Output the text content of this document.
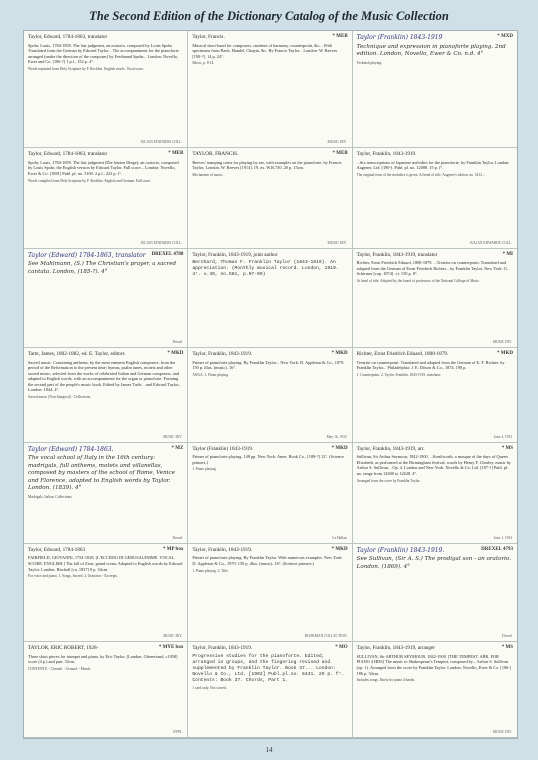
The Second Edition of the Dictionary Catalog of the Music Collection
Taylor, Edward, 1784-1863, translator
Spohr, Louis, 1784-1859. The last judgment, an oratorio, composed by Louis Spohr. Translated from the German by Edward Taylor... The accompaniment for the pianoforte arranged (under the direction of the composer) by Ferdinand Spohr... London: Novello, Ewer and Co. [186-?] 1 p.l., 152 p. 4°.
Words reprinted from Holy Scripture by F. Rochlitz. English words. Vocal score.
JULIAN EDWARDS COLL.
* MEB
Taylor, Francis.
Musical short-hand for composers, students of harmony, counterpoint, &c... With specimens from Bach, Handel, Chopin, &c. By Francis Taylor... London: W. Reeves [190-?]. 14 p. 24°.
Music, p. 8-14.
MUSIC DIV.
* MXD
Taylor (Franklin) 1843-1919
Technique and expression in pianoforte playing. 2nd edition. London, Novello, Ewer & Co. n.d. 4°
Tecknish playing
* MEB
Taylor, Edward, 1784-1863, translator
Spohr, Louis, 1784-1859. The last judgment (Die letzten Dinge); an oratorio, composed by Louis Spohr, the English version by Edward Taylor. Full score... London: Novello, Ewer & Co. [1881] Publ. pl. no. 5100. 2 p.l., 223 p. f°.
Words compiled from Holy Scripture by F. Rochlitz. English and German. Full score.
JULIAN EDWARDS COLL.
* MEB
TAYLOR, FRANCIS.
Reeves' tramping coins for playing by ear, with examples on the pianoforte, by Francis Taylor, London, W. Reeves [1914]. 19, ex. W.R.730. 20 p. 15cm.
Mechanism of music.
MUSIC DIV.
Taylor, Franklin, 1843-1919.
...Six transcriptions of Japanese melodies for the pianoforte, by Franklin Taylor. London: Augener, Ltd. [190-]. Publ. pl. no. 12088. 15 p. f°.
The original form of the melodies is given. At head of title: Augener's edition, no. 5412...
JULIAN EDWARDS COLL.
DREXEL 4788
Taylor (Edward) 1784-1863, translator
See Mahlmann, (S.) The Christian's prayer, a sacred cantata. London, (185-?). 4°
Drexel
Taylor, Franklin, 1843-1919, joint author
Bernhard, Thomas F. Franklin Taylor (1843-1919). An appreciation. (Monthly musical record. London, 1919. 4°. v.49, no.581, p.97-99)
* MI
Taylor, Franklin, 1843-1919, translator
Richter, Ernst Friedrich Eduard, 1808-1879. ...Treatise on counterpoint. Translated and adapted from the German of Ernst Friedrich Richter... by Franklin Taylor. New York: G. Schirmer [cop. 1874]. vi, 150 p. 8°.
At head of title: Adopted by the board of professors of the National College of Music.
MUSIC DIV.
* MKD
Tarte, James, 1802-1882, ed. E. Taylor, editors
Sacred music. Containing anthems, by the most eminent English composers, from the period of the Reformation to the present time; hymns, psalm tunes, motets and other sacred music, selected from the works of celebrated Italian and German composers, and adapted to English words, with an accompaniment for the organ or pianoforte. Forming the second part of the people's music book. Edited by James Turle... and Edward Taylor... London: 1844. 4°.
Sacred music (Non-liturgical) - Collections.
MUSIC DIV.
* MKD
Taylor, Franklin, 1843-1919.
Primer of pianoforte playing. By Franklin Taylor... New York: D. Appleton & Co., 1879. 150 p. illus. (music). 16°.
ANGA. 1. Piano playing.
May 16, 1933
* MKD
Richter, Ernst Friedrich Eduard, 1808-1879.
Treatise on counterpoint. Translated and adapted from the German of E. F. Richter. by Franklin Taylor... Philadelphia: J. E. Ditson & Co., 1874. 198 p.
1. Counterpoint. 2. Taylor, Franklin, 1843-1919, translator.
June 4, 1933
* MZ
Taylor (Edward) 1784-1863.
The vocal school of Italy in the 16th century: madrigals, full anthems, motets and villanellas, composed by masters of the school of Rome, Venice and Florence, adapted to English words by Taylor. London. (1839). 4°
Madrigals, Italian. Collections.
Drexel
* MKD
Taylor (Franklin) 1843-1919.
Primer of pianoforte playing. 148 pp. New York: Amer. Book Co., [188-?] 12°. (Science primers.)
1. Piano playing.
Le Hallan
* MS
Taylor, Franklin, 1843-1919, arr.
Sullivan, Sir Arthur Seymour, 1842-1900. ...Kenilworth, a masque of the days of Queen Elizabeth, as performed at the Birmingham festival, words by Henry F. Chorley, music by Arthur S. Sullivan... Op. 4. London and New York: Novello & Co. Ltd. [187-?] Publ. pl. no. range from 12600 to 12628. 4°.
Arranged from the score by Franklin Taylor.
June 1, 1933
* MP box
Taylor, Edward, 1784-1863
FAIRFIELD, GIOVANNI, 1754-1828. [L'ECCIDIO DI GERUSALEMME. VOCAL SCORE. ENGLISH.] The fall of Zion; grand scena. Adapted to English words by Edward Taylor. London, Birchall [ca. 1837] 8 p. 34cm.
For voice and piano. 1. Songs, Sacred. 2. Oratorios - Excerpts.
MUSIC DIV.
* MKD
Taylor, Franklin, 1843-1919.
Primer of pianoforte playing. By Franklin Taylor. With numerous examples. New York: D. Appleton & Co., 1879. 150 p. illus. (music). 16°. (Science primers.)
1. Piano playing. 2. Title.
BOOKMAN COLLECTION
DREXEL 4793
Taylor (Franklin) 1843-1919.
See Sullivan, (Sir A. S.) The prodigal son - an oratorio. London. (1869). 4°
Drexel
* MYE box
TAYLOR, ERIC ROBERT, 1928-
Three short pieces for trumpet and piano, by Eric Taylor. [London, Gleneviand, c1958] score (4 p.) and part. 32cm.
CONTENTS. - Chorale. - Ground. - March.
NYPL
* MO
Taylor, Franklin, 1843-1919.
Progressive studies for the pianoforte. Edited, arranged in groups, and the fingering revised and supplemented by Franklin Taylor. Book 37... London: Novello & Co., Ltd. [1902] Publ.pl.no. 6441. 29 p. f°. Contents: Book 37. Chords, Part 1.
1 card only. Not scored.
* MS
Taylor, Franklin, 1843-1919, arranger
SULLIVAN, Sir ARTHUR SEYMOUR, 1842-1900. [THE TEMPEST. ARR. FOR PIANO 4 HDS] The music to Shakespeare's Tempest, composed by... Arthur S. Sullivan (op. 1). Arranged from the score by Franklin Taylor. London, Novello, Ewer & Co. [186-] 186 p. 34cm.
Includes songs. Duets for piano 4 hands.
MUSIC DIV.
14
